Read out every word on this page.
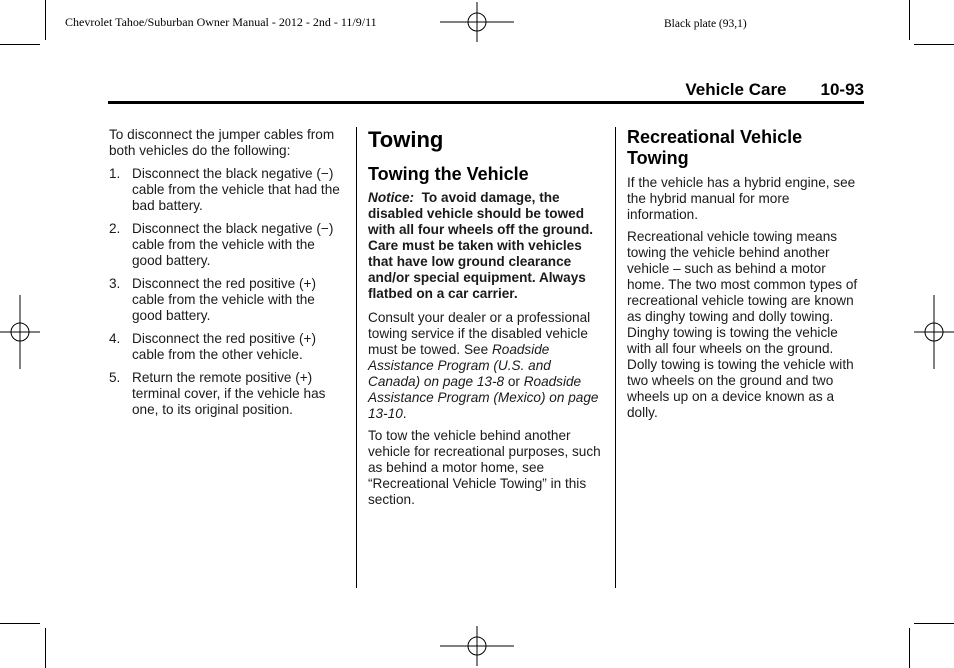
Chevrolet Tahoe/Suburban Owner Manual - 2012 - 2nd - 11/9/11	Black plate (93,1)
Vehicle Care 10-93

To disconnect the jumper cables from both vehicles do the following:

1. Disconnect the black negative (−) cable from the vehicle that had the bad battery.
2. Disconnect the black negative (−) cable from the vehicle with the good battery.
3. Disconnect the red positive (+) cable from the vehicle with the good battery.
4. Disconnect the red positive (+) cable from the other vehicle.
5. Return the remote positive (+) terminal cover, if the vehicle has one, to its original position.
Towing
Towing the Vehicle

Notice: To avoid damage, the disabled vehicle should be towed with all four wheels off the ground. Care must be taken with vehicles that have low ground clearance and/or special equipment. Always flatbed on a car carrier.

Consult your dealer or a professional towing service if the disabled vehicle must be towed. See Roadside Assistance Program (U.S. and Canada) on page 13-8 or Roadside Assistance Program (Mexico) on page 13-10.

To tow the vehicle behind another vehicle for recreational purposes, such as behind a motor home, see “Recreational Vehicle Towing” in this section.

Recreational Vehicle Towing

If the vehicle has a hybrid engine, see the hybrid manual for more information.

Recreational vehicle towing means towing the vehicle behind another vehicle – such as behind a motor home. The two most common types of recreational vehicle towing are known as dinghy towing and dolly towing. Dinghy towing is towing the vehicle with all four wheels on the ground. Dolly towing is towing the vehicle with two wheels on the ground and two wheels up on a device known as a dolly.
